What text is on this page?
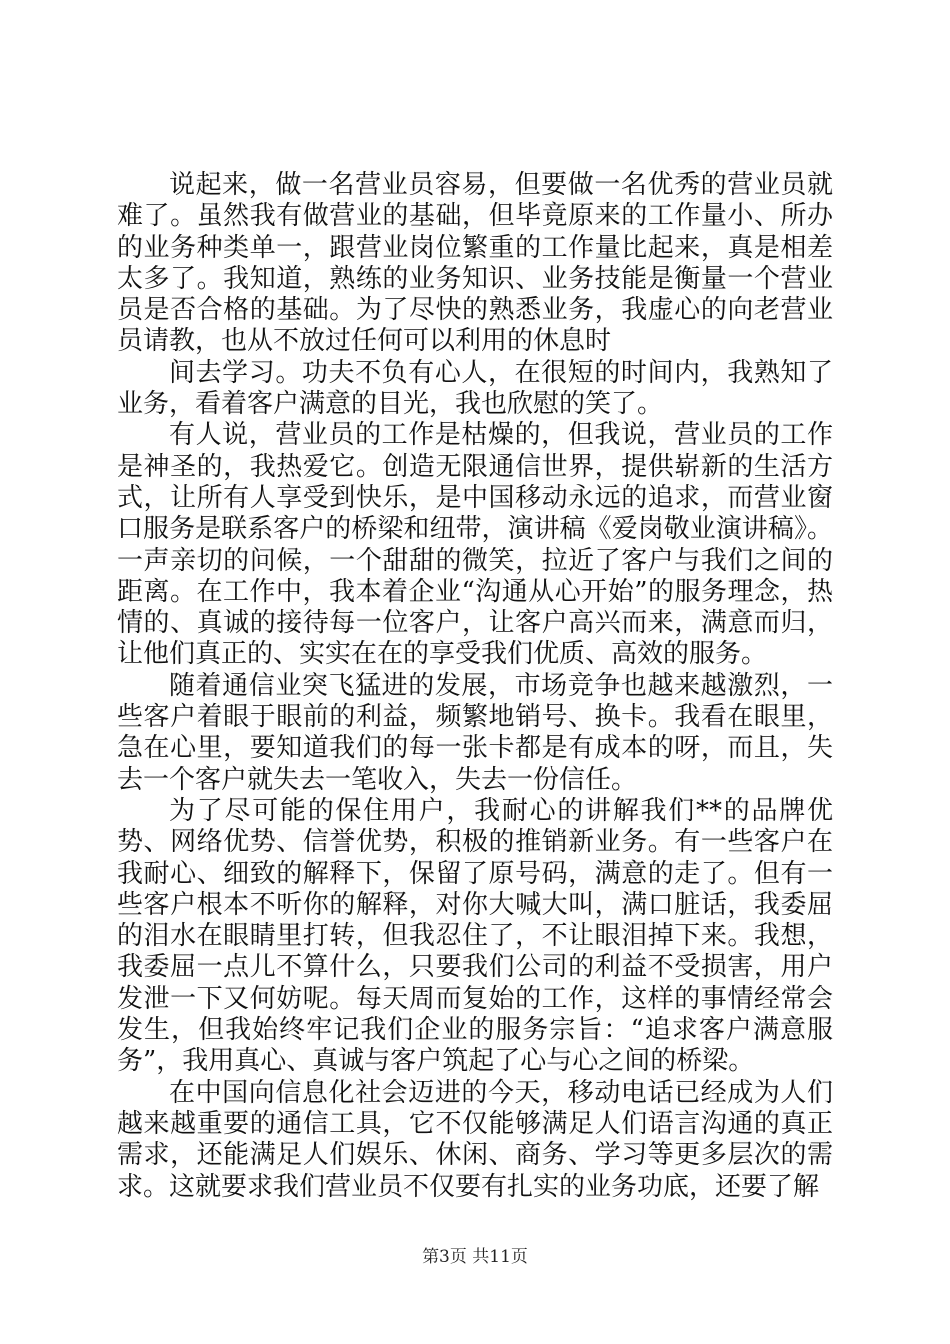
说起来，做一名营业员容易，但要做一名优秀的营业员就难了。虽然我有做营业的基础，但毕竟原来的工作量小、所办的业务种类单一，跟营业岗位繁重的工作量比起来，真是相差太多了。我知道，熟练的业务知识、业务技能是衡量一个营业员是否合格的基础。为了尽快的熟悉业务，我虚心的向老营业员请教，也从不放过任何可以利用的休息时

间去学习。功夫不负有心人，在很短的时间内，我熟知了业务，看着客户满意的目光，我也欣慰的笑了。

有人说，营业员的工作是枯燥的，但我说，营业员的工作是神圣的，我热爱它。创造无限通信世界，提供崭新的生活方式，让所有人享受到快乐，是中国移动永远的追求，而营业窗口服务是联系客户的桥梁和纽带，演讲稿《爱岗敬业演讲稿》。一声亲切的问候，一个甜甜的微笑，拉近了客户与我们之间的距离。在工作中，我本着企业“沟通从心开始”的服务理念，热情的、真诚的接待每一位客户，让客户高兴而来，满意而归，让他们真正的、实实在在的享受我们优质、高效的服务。

随着通信业突飞猛进的发展，市场竞争也越来越激烈，一些客户着眼于眼前的利益，频繁地销号、换卡。我看在眼里，急在心里，要知道我们的每一张卡都是有成本的呀，而且，失去一个客户就失去一笔收入，失去一份信任。

为了尽可能的保住用户，我耐心的讲解我们**的品牌优势、网络优势、信誉优势，积极的推销新业务。有一些客户在我耐心、细致的解释下，保留了原号码，满意的走了。但有一些客户根本不听你的解释，对你大喊大叫，满口脏话，我委屈的泪水在眼睛里打转，但我忍住了，不让眼泪掉下来。我想，我委屈一点儿不算什么，只要我们公司的利益不受损害，用户发泄一下又何妨呢。每天周而复始的工作，这样的事情经常会发生，但我始终牢记我们企业的服务宗旨：“追求客户满意服务”，我用真心、真诚与客户筑起了心与心之间的桥梁。

在中国向信息化社会迈进的今天，移动电话已经成为人们越来越重要的通信工具，它不仅能够满足人们语言沟通的真正需求，还能满足人们娱乐、休闲、商务、学习等更多层次的需求。这就要求我们营业员不仅要有扎实的业务功底，还要了解

第3页 共11页
